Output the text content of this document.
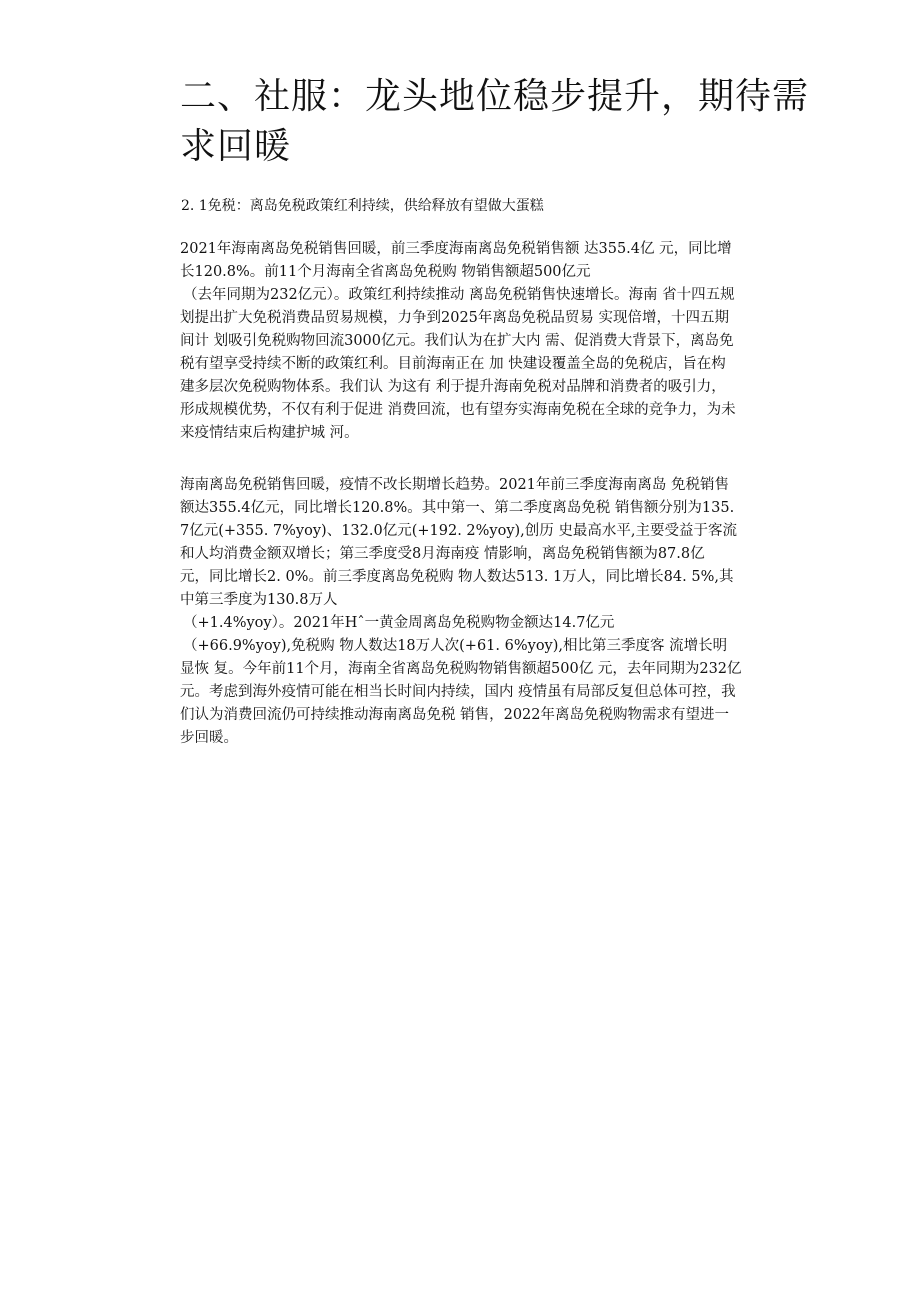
二、社服：龙头地位稳步提升，期待需
求回暖

2. 1免税：离岛免税政策红利持续，供给释放有望做大蛋糕

2021年海南离岛免税销售回暖，前三季度海南离岛免税销售额 达355.4亿 元，同比增
长120.8%。前11个月海南全省离岛免税购 物销售额超500亿元
（去年同期为232亿元）。政策红利持续推动 离岛免税销售快速增长。海南 省十四五规
划提出扩大免税消费品贸易规模，力争到2025年离岛免税品贸易 实现倍增，十四五期
间计 划吸引免税购物回流3000亿元。我们认为在扩大内 需、促消费大背景下，离岛免
税有望享受持续不断的政策红利。目前海南正在 加 快建设覆盖全岛的免税店，旨在构
建多层次免税购物体系。我们认 为这有 利于提升海南免税对品牌和消费者的吸引力，
形成规模优势，不仅有利于促进 消费回流，也有望夯实海南免税在全球的竞争力，为未
来疫情结束后构建护城 河。

海南离岛免税销售回暖，疫情不改长期增长趋势。2021年前三季度海南离岛 免税销售
额达355.4亿元，同比增长120.8%。其中第一、第二季度离岛免税 销售额分别为135.
7亿元(+355. 7%yoy)、132.0亿元(+192. 2%yoy),创历 史最高水平,主要受益于客流
和人均消费金额双增长；第三季度受8月海南疫 情影响，离岛免税销售额为87.8亿
元，同比增长2. 0%。前三季度离岛免税购 物人数达513. 1万人，同比增长84. 5%,其
中第三季度为130.8万人
（+1.4%yoy）。2021年Hˆ一黄金周离岛免税购物金额达14.7亿元
（+66.9%yoy),免税购 物人数达18万人次(+61. 6%yoy),相比第三季度客 流增长明
显恢 复。今年前11个月，海南全省离岛免税购物销售额超500亿 元，去年同期为232亿
元。考虑到海外疫情可能在相当长时间内持续，国内 疫情虽有局部反复但总体可控，我
们认为消费回流仍可持续推动海南离岛免税 销售，2022年离岛免税购物需求有望进一
步回暖。
